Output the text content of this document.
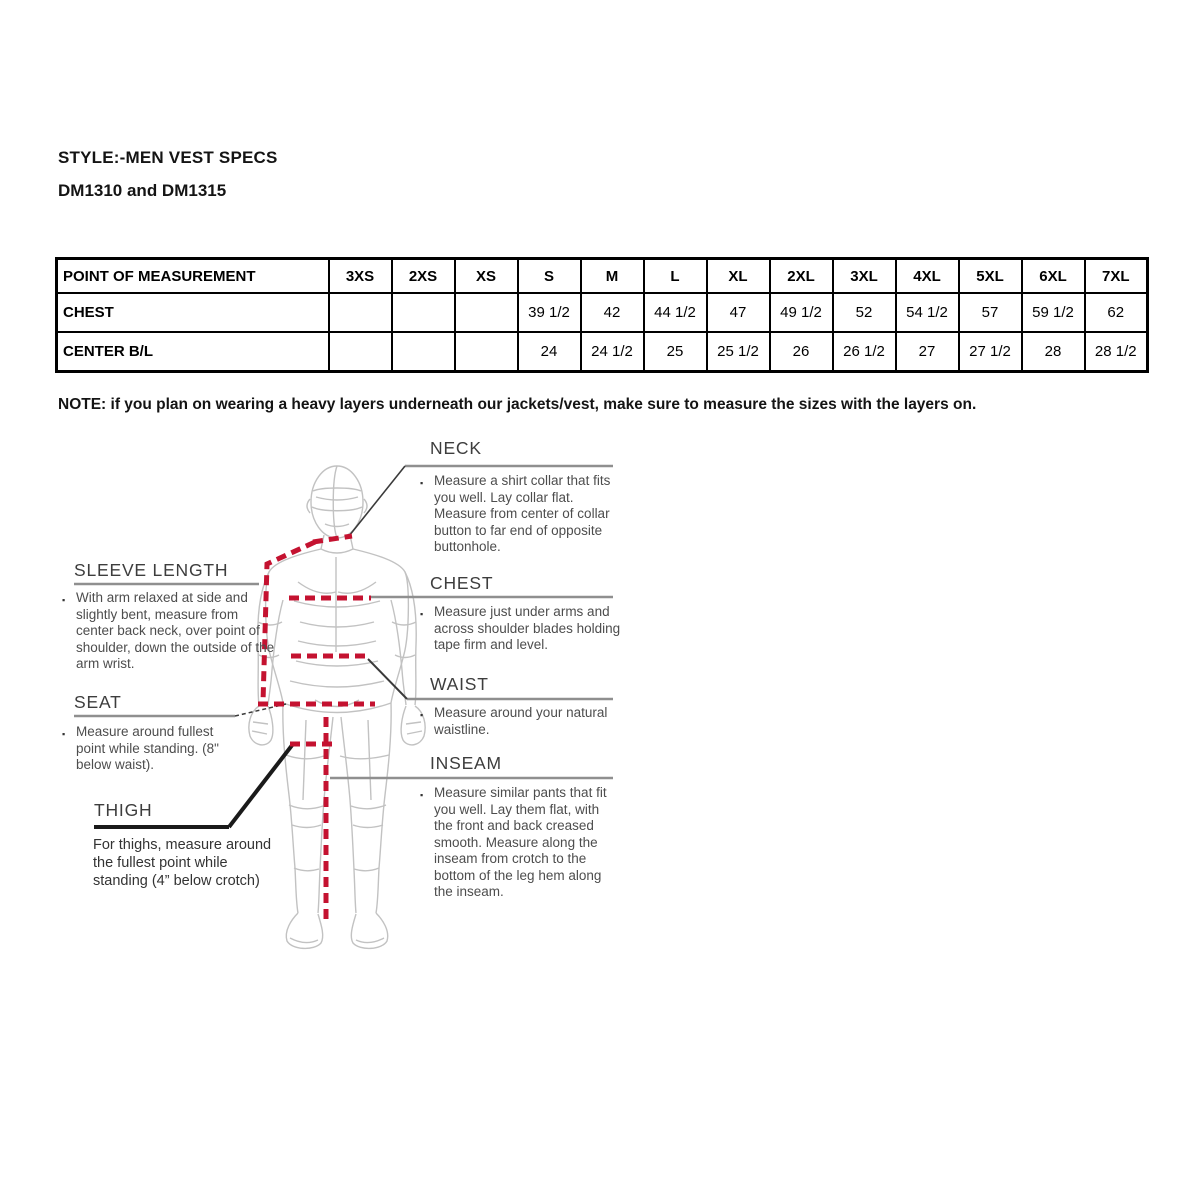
STYLE:-MEN VEST SPECS
DM1310 and DM1315
POINT OF MEASUREMENT	3XS	2XS	XS	S	M	L	XL	2XL	3XL	4XL	5XL	6XL	7XL
CHEST				39 1/2	42	44 1/2	47	49 1/2	52	54 1/2	57	59 1/2	62
CENTER B/L				24	24 1/2	25	25 1/2	26	26 1/2	27	27 1/2	28	28 1/2
NOTE: if you plan on wearing a heavy layers underneath our jackets/vest, make sure to measure the sizes with the layers on.
NECK
▪ Measure a shirt collar that fits you well. Lay collar flat. Measure from center of collar button to far end of opposite buttonhole.
CHEST
▪ Measure just under arms and across shoulder blades holding tape firm and level.
WAIST
▪ Measure around your natural waistline.
INSEAM
▪ Measure similar pants that fit you well. Lay them flat, with the front and back creased smooth. Measure along the inseam from crotch to the bottom of the leg hem along the inseam.
SLEEVE LENGTH
▪ With arm relaxed at side and slightly bent, measure from center back neck, over point of shoulder, down the outside of the arm wrist.
SEAT
▪ Measure around fullest point while standing. (8" below waist).
THIGH
For thighs, measure around the fullest point while standing (4” below crotch)
